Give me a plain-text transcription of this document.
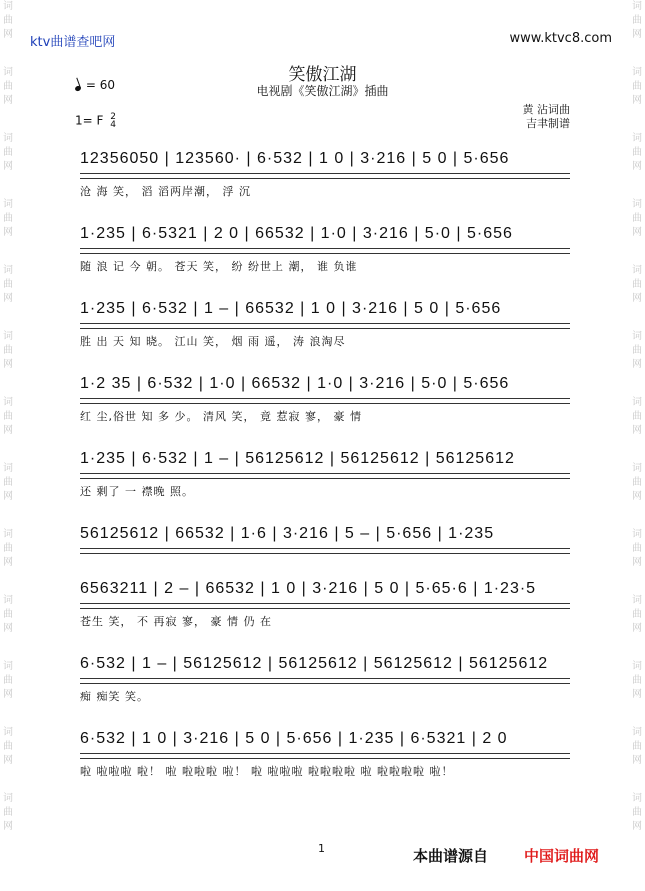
词
曲
网
词
曲
网
词
曲
网
词
曲
网
词
曲
网
词
曲
网
词
曲
网
词
曲
网
词
曲
网
词
曲
网
词
曲
网
词
曲
网
词
曲
网
词
曲
网
词
曲
网
词
曲
网
词
曲
网
词
曲
网
词
曲
网
词
曲
网
词
曲
网
词
曲
网
词
曲
网
词
曲
网
词
曲
网
词
曲
网
ktv曲谱查吧网	www.ktvc8.com
笑傲江湖
电视剧《笑傲江湖》插曲
= 60
1= F 2
4
黄 沾词曲
吉聿制谱
12356050 | 123560· | 6·532 | 1 0 | 3·216 | 5 0 | 5·656
沧 海 笑， 滔 滔两岸潮， 浮 沉
1·235 | 6·5321 | 2 0 | 66532 | 1·0 | 3·216 | 5·0 | 5·656
随 浪 记 今 朝。 苍天 笑， 纷 纷世上 潮， 谁 负谁
1·235 | 6·532 | 1 – | 66532 | 1 0 | 3·216 | 5 0 | 5·656
胜 出 天 知 晓。 江山 笑， 烟 雨 遥， 涛 浪淘尽
1·2 35 | 6·532 | 1·0 | 66532 | 1·0 | 3·216 | 5·0 | 5·656
红 尘,俗世 知 多 少。 清风 笑， 竟 惹寂 寥， 豪 情
1·235 | 6·532 | 1 – | 56125612 | 56125612 | 56125612
还 剩了 一 襟晚 照。
56125612 | 66532 | 1·6 | 3·216 | 5 – | 5·656 | 1·235
6563211 | 2 – | 66532 | 1 0 | 3·216 | 5 0 | 5·65·6 | 1·23·5
苍生 笑， 不 再寂 寥， 豪 情 仍 在
6·532 | 1 – | 56125612 | 56125612 | 56125612 | 56125612
痴 痴笑 笑。
6·532 | 1 0 | 3·216 | 5 0 | 5·656 | 1·235 | 6·5321 | 2 0
啦 啦啦啦 啦！ 啦 啦啦啦 啦！ 啦 啦啦啦 啦啦啦啦 啦 啦啦啦啦 啦！
1	本曲谱源自 中国词曲网
